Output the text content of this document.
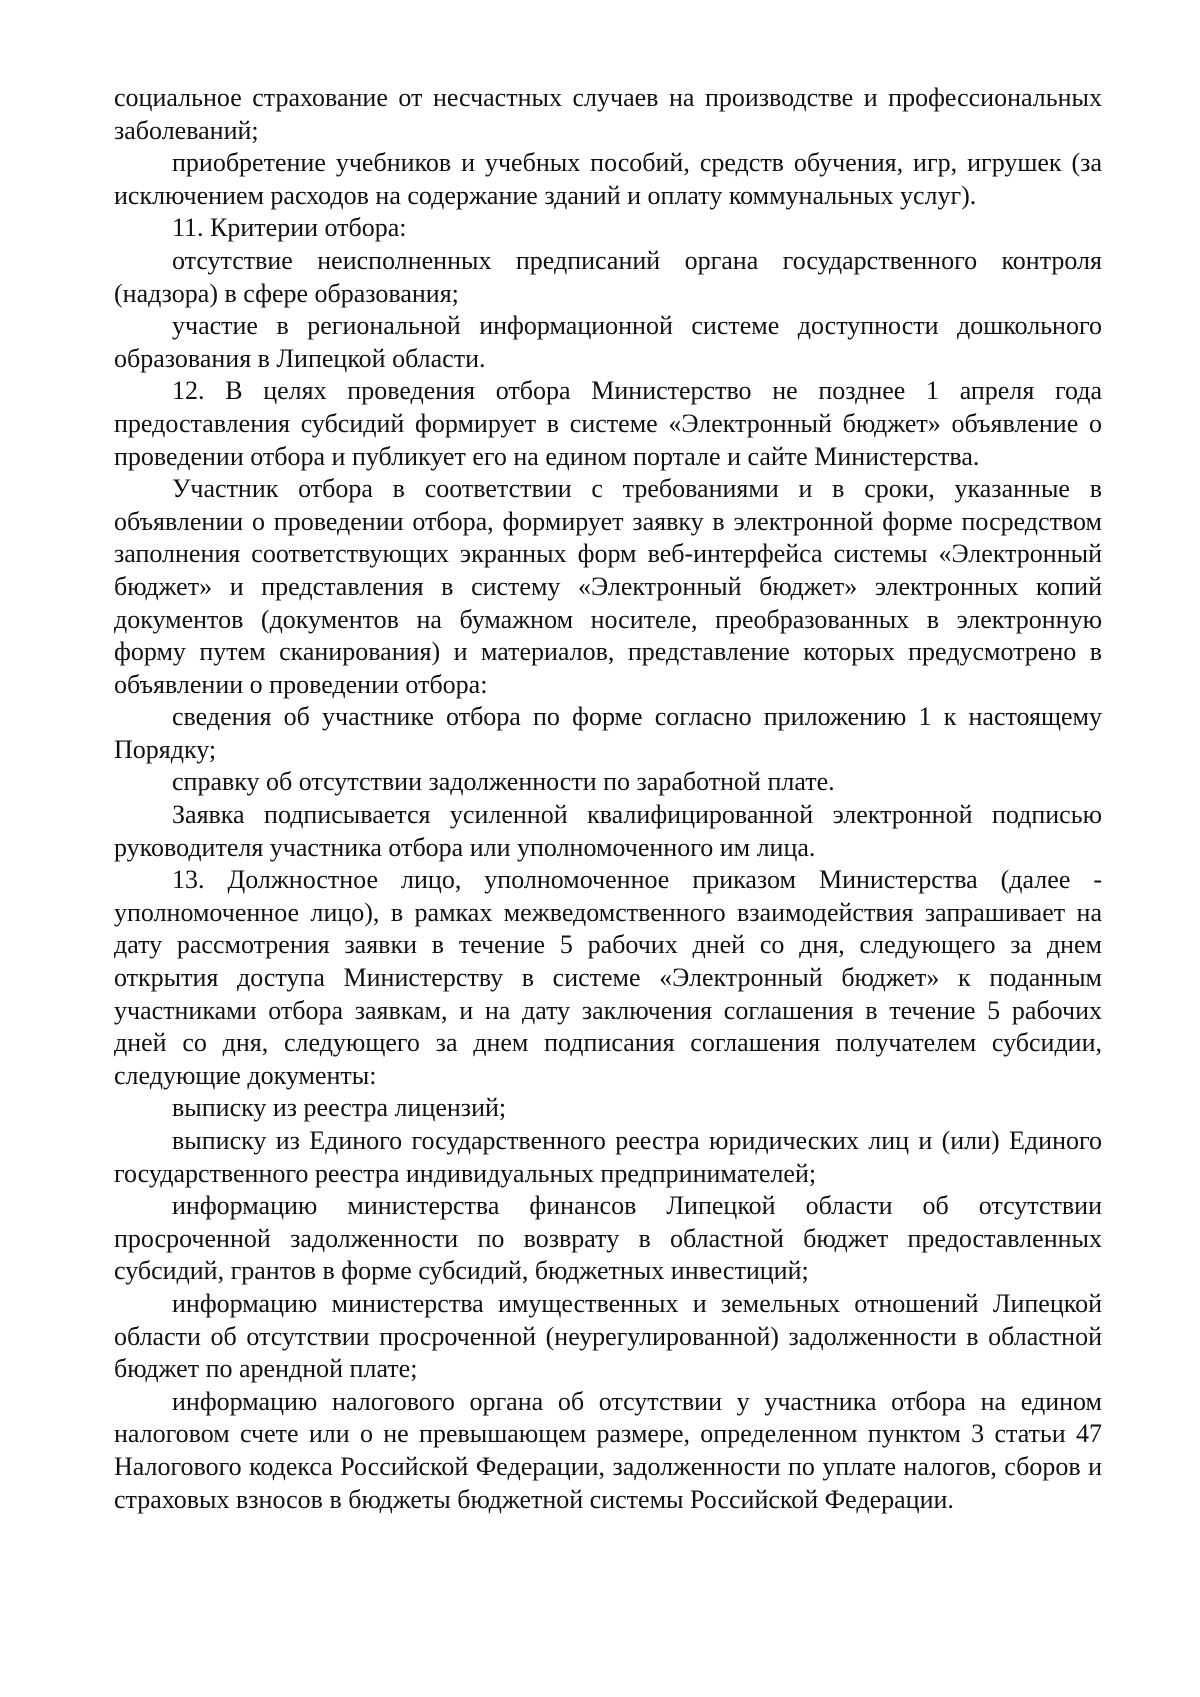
социальное страхование от несчастных случаев на производстве и профессиональных заболеваний;

приобретение учебников и учебных пособий, средств обучения, игр, игрушек (за исключением расходов на содержание зданий и оплату коммунальных услуг).

11. Критерии отбора:

отсутствие неисполненных предписаний органа государственного контроля (надзора) в сфере образования;

участие в региональной информационной системе доступности дошкольного образования в Липецкой области.

12. В целях проведения отбора Министерство не позднее 1 апреля года предоставления субсидий формирует в системе «Электронный бюджет» объявление о проведении отбора и публикует его на едином портале и сайте Министерства.

Участник отбора в соответствии с требованиями и в сроки, указанные в объявлении о проведении отбора, формирует заявку в электронной форме посредством заполнения соответствующих экранных форм веб-интерфейса системы «Электронный бюджет» и представления в систему «Электронный бюджет» электронных копий документов (документов на бумажном носителе, преобразованных в электронную форму путем сканирования) и материалов, представление которых предусмотрено в объявлении о проведении отбора:

сведения об участнике отбора по форме согласно приложению 1 к настоящему Порядку;

справку об отсутствии задолженности по заработной плате.

Заявка подписывается усиленной квалифицированной электронной подписью руководителя участника отбора или уполномоченного им лица.

13. Должностное лицо, уполномоченное приказом Министерства (далее - уполномоченное лицо), в рамках межведомственного взаимодействия запрашивает на дату рассмотрения заявки в течение 5 рабочих дней со дня, следующего за днем открытия доступа Министерству в системе «Электронный бюджет» к поданным участниками отбора заявкам, и на дату заключения соглашения в течение 5 рабочих дней со дня, следующего за днем подписания соглашения получателем субсидии, следующие документы:

выписку из реестра лицензий;

выписку из Единого государственного реестра юридических лиц и (или) Единого государственного реестра индивидуальных предпринимателей;

информацию министерства финансов Липецкой области об отсутствии просроченной задолженности по возврату в областной бюджет предоставленных субсидий, грантов в форме субсидий, бюджетных инвестиций;

информацию министерства имущественных и земельных отношений Липецкой области об отсутствии просроченной (неурегулированной) задолженности в областной бюджет по арендной плате;

информацию налогового органа об отсутствии у участника отбора на едином налоговом счете или о не превышающем размере, определенном пунктом 3 статьи 47 Налогового кодекса Российской Федерации, задолженности по уплате налогов, сборов и страховых взносов в бюджеты бюджетной системы Российской Федерации.
